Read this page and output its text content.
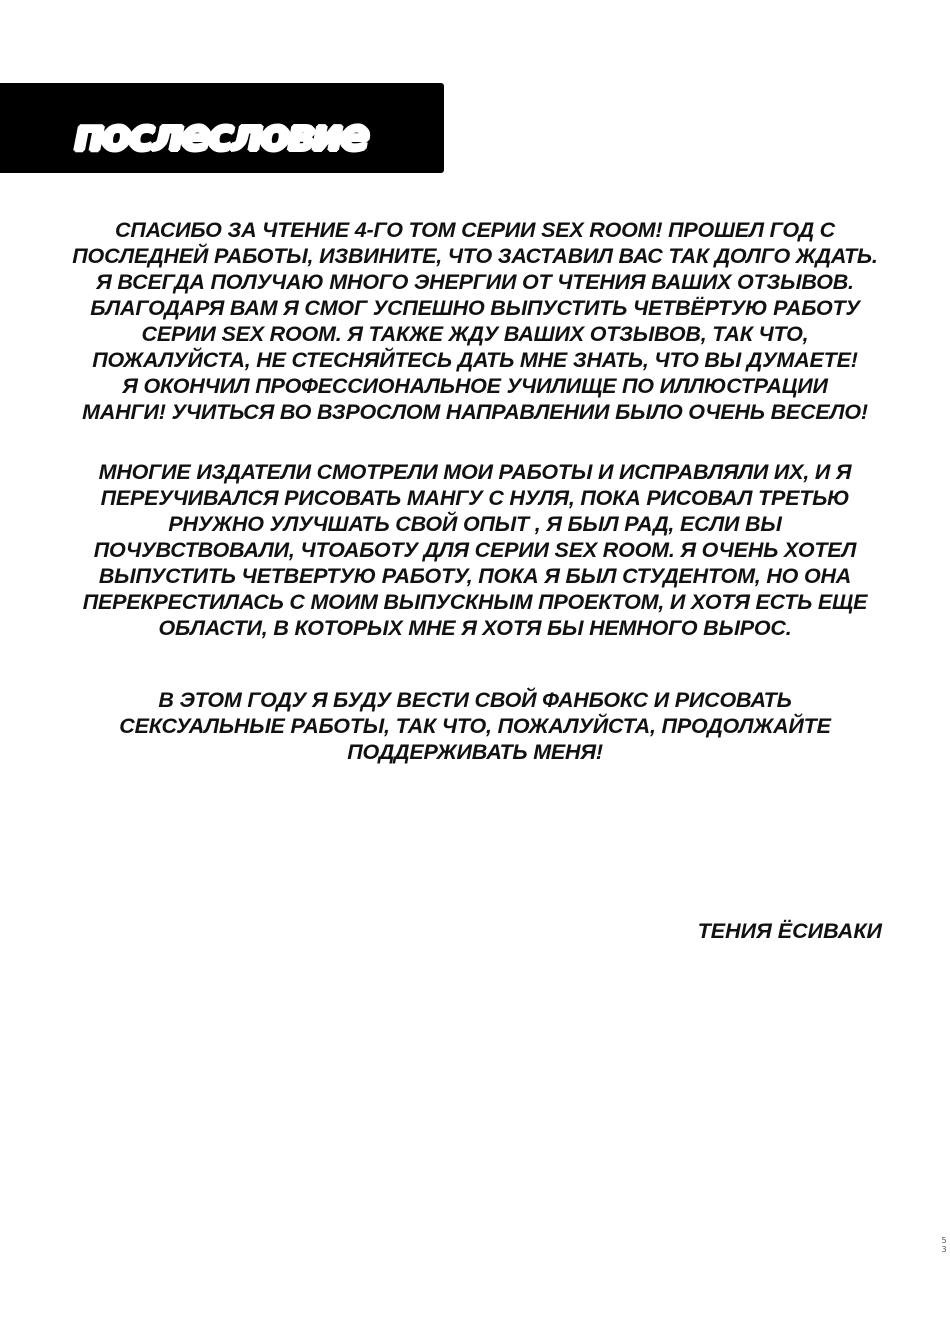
послесловие
СПАСИБО ЗА ЧТЕНИЕ 4-ГО ТОМ СЕРИИ SEX ROOM! ПРОШЕЛ ГОД С
ПОСЛЕДНЕЙ РАБОТЫ, ИЗВИНИТЕ, ЧТО ЗАСТАВИЛ ВАС ТАК ДОЛГО ЖДАТЬ.
Я ВСЕГДА ПОЛУЧАЮ МНОГО ЭНЕРГИИ ОТ ЧТЕНИЯ ВАШИХ ОТЗЫВОВ.
БЛАГОДАРЯ ВАМ Я СМОГ УСПЕШНО ВЫПУСТИТЬ ЧЕТВЁРТУЮ РАБОТУ
СЕРИИ SEX ROOM. Я ТАКЖЕ ЖДУ ВАШИХ ОТЗЫВОВ, ТАК ЧТО,
ПОЖАЛУЙСТА, НЕ СТЕСНЯЙТЕСЬ ДАТЬ МНЕ ЗНАТЬ, ЧТО ВЫ ДУМАЕТЕ!
Я ОКОНЧИЛ ПРОФЕССИОНАЛЬНОЕ УЧИЛИЩЕ ПО ИЛЛЮСТРАЦИИ
МАНГИ! УЧИТЬСЯ ВО ВЗРОСЛОМ НАПРАВЛЕНИИ БЫЛО ОЧЕНЬ ВЕСЕЛО!
МНОГИЕ ИЗДАТЕЛИ СМОТРЕЛИ МОИ РАБОТЫ И ИСПРАВЛЯЛИ ИХ, И Я
ПЕРЕУЧИВАЛСЯ РИСОВАТЬ МАНГУ С НУЛЯ, ПОКА РИСОВАЛ ТРЕТЬЮ
РНУЖНО УЛУЧШАТЬ СВОЙ ОПЫТ , Я БЫЛ РАД, ЕСЛИ ВЫ
ПОЧУВСТВОВАЛИ, ЧТОАБОТУ ДЛЯ СЕРИИ SEX ROOM. Я ОЧЕНЬ ХОТЕЛ
ВЫПУСТИТЬ ЧЕТВЕРТУЮ РАБОТУ, ПОКА Я БЫЛ СТУДЕНТОМ, НО ОНА
ПЕРЕКРЕСТИЛАСЬ С МОИМ ВЫПУСКНЫМ ПРОЕКТОМ, И ХОТЯ ЕСТЬ ЕЩЕ
ОБЛАСТИ, В КОТОРЫХ МНЕ Я ХОТЯ БЫ НЕМНОГО ВЫРОС.
В ЭТОМ ГОДУ Я БУДУ ВЕСТИ СВОЙ ФАНБОКС И РИСОВАТЬ
СЕКСУАЛЬНЫЕ РАБОТЫ, ТАК ЧТО, ПОЖАЛУЙСТА, ПРОДОЛЖАЙТЕ
ПОДДЕРЖИВАТЬ МЕНЯ!
ТЕНИЯ ЁСИВАКИ
5
3
